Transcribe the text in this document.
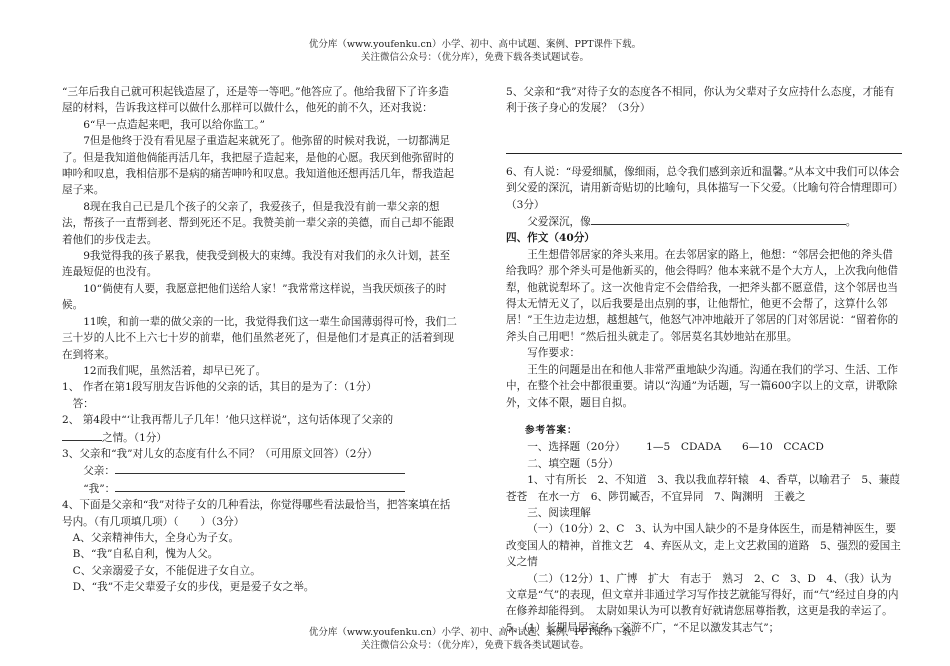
优分库（www.youfenku.cn）小学、初中、高中试题、案例、PPT课件下载。
关注微信公众号：（优分库），免费下载各类试题试卷。

“三年后我自己就可积起钱造屋了，还是等一等吧。”他答应了。他给我留下了许多造屋的材料，告诉我这样可以做什么那样可以做什么，他死的前不久，还对我说：

6“早一点造起来吧，我可以给你监工。”

7但是他终于没有看见屋子重造起来就死了。他弥留的时候对我说，一切都满足了。但是我知道他倘能再活几年，我把屋子造起来，是他的心愿。我厌到他弥留时的呻吟和叹息，我相信那不是病的痛苦呻吟和叹息。我知道他还想再活几年，帮我造起屋子来。

8现在我自己已是几个孩子的父亲了，我爱孩子，但是我没有前一辈父亲的想法，帮孩子一直帮到老、帮到死还不足。我赞美前一辈父亲的美德，而自己却不能跟着他们的步伐走去。

9我觉得我的孩子累我，使我受到极大的束缚。我没有对我们的永久计划，甚至连最短促的也没有。

10“倘使有人要，我愿意把他们送给人家！”我常常这样说，当我厌烦孩子的时候。

11唉，和前一辈的做父亲的一比，我觉得我们这一辈生命国薄弱得可怜，我们二三十岁的人比不上六七十岁的前辈，他们虽然老死了，但是他们才是真正的活着到现在到将来。

12而我们呢，虽然活着，却早已死了。

1、 作者在第1段写朋友告诉他的父亲的话，其目的是为了：（1分）

答：

2、 第4段中“‘让我再帮儿子几年！’他只这样说”，这句话体现了父亲的
之情。（1分）

3、父亲和“我”对儿女的态度有什么不同？（可用原文回答）（2分）

父亲：

“我”：

4、下面是父亲和“我”对待子女的几种看法，你觉得哪些看法最恰当，把答案填在括号内。（有几项填几项）（ ）（3分）

A、父亲精神伟大，全身心为子女。

B、“我”自私自利，愧为人父。

C、父亲溺爱子女，不能促进子女自立。

D、“我”不走父辈爱子女的步伐，更是爱子女之举。

5、父亲和“我”对待子女的态度各不相同，你认为父辈对子女应持什么态度，才能有利于孩子身心的发展？（3分）

6、有人说：“母爱细腻，像细雨，总令我们感到亲近和温馨。”从本文中我们可以体会到父爱的深沉，请用新奇贴切的比喻句，具体描写一下父爱。（比喻句符合情理即可）（3分）

父爱深沉，像	。

四、作文（40分）

王生想借邻居家的斧头来用。在去邻居家的路上，他想：“邻居会把他的斧头借给我吗？那个斧头可是他新买的，他会得吗？他本来就不是个大方人，上次我向他借犁，他就说犁坏了。这一次他肯定不会借给我，一把斧头都不愿意借，这个邻居也当得太无情无义了，以后我要是出点别的事，让他帮忙，他更不会帮了，这算什么邻居！”王生边走边想，越想越气，他怒气冲冲地敲开了邻居的门对邻居说：“留着你的斧头自己用吧！”然后扭头就走了。邻居莫名其妙地站在那里。

写作要求：

王生的问题是出在和他人非常严重地缺少沟通。沟通在我们的学习、生活、工作中，在整个社会中都很重要。请以“沟通”为话题，写一篇600字以上的文章，讲歌除外，文体不限，题目自拟。

参考答案：

一、选择题（20分） 1—5　CDADA 6—10　CCACD

二、填空题（5分）

1、寸有所长　2、不知道　3、我以我血荐轩辕　4、香草，以喻君子　5、蒹葭苍苍　在水一方　6、陟罚臧否，不宜异同　7、陶渊明　王羲之

三、阅读理解

（一）（10分）2、C　3、认为中国人缺少的不是身体医生，而是精神医生，要改变国人的精神，首推文艺　4、弃医从文，走上文艺救国的道路　5、强烈的爱国主义之情

（二）（12分）1、广博　扩大　有志于　熟习　2、C　3、D　4、（我）认为文章是“气”的表现，但文章并非通过学习写作技艺就能写得好，而“气”经过自身的内在修养却能得到。　太尉如果认为可以教育好就请您屈尊指教，这更是我的幸运了。　5、（1）长期局居家乡，交游不广，“不足以激发其志气”；

优分库（www.youfenku.cn）小学、初中、高中试题、案例、PPT课件下载。
关注微信公众号：（优分库），免费下载各类试题试卷。
